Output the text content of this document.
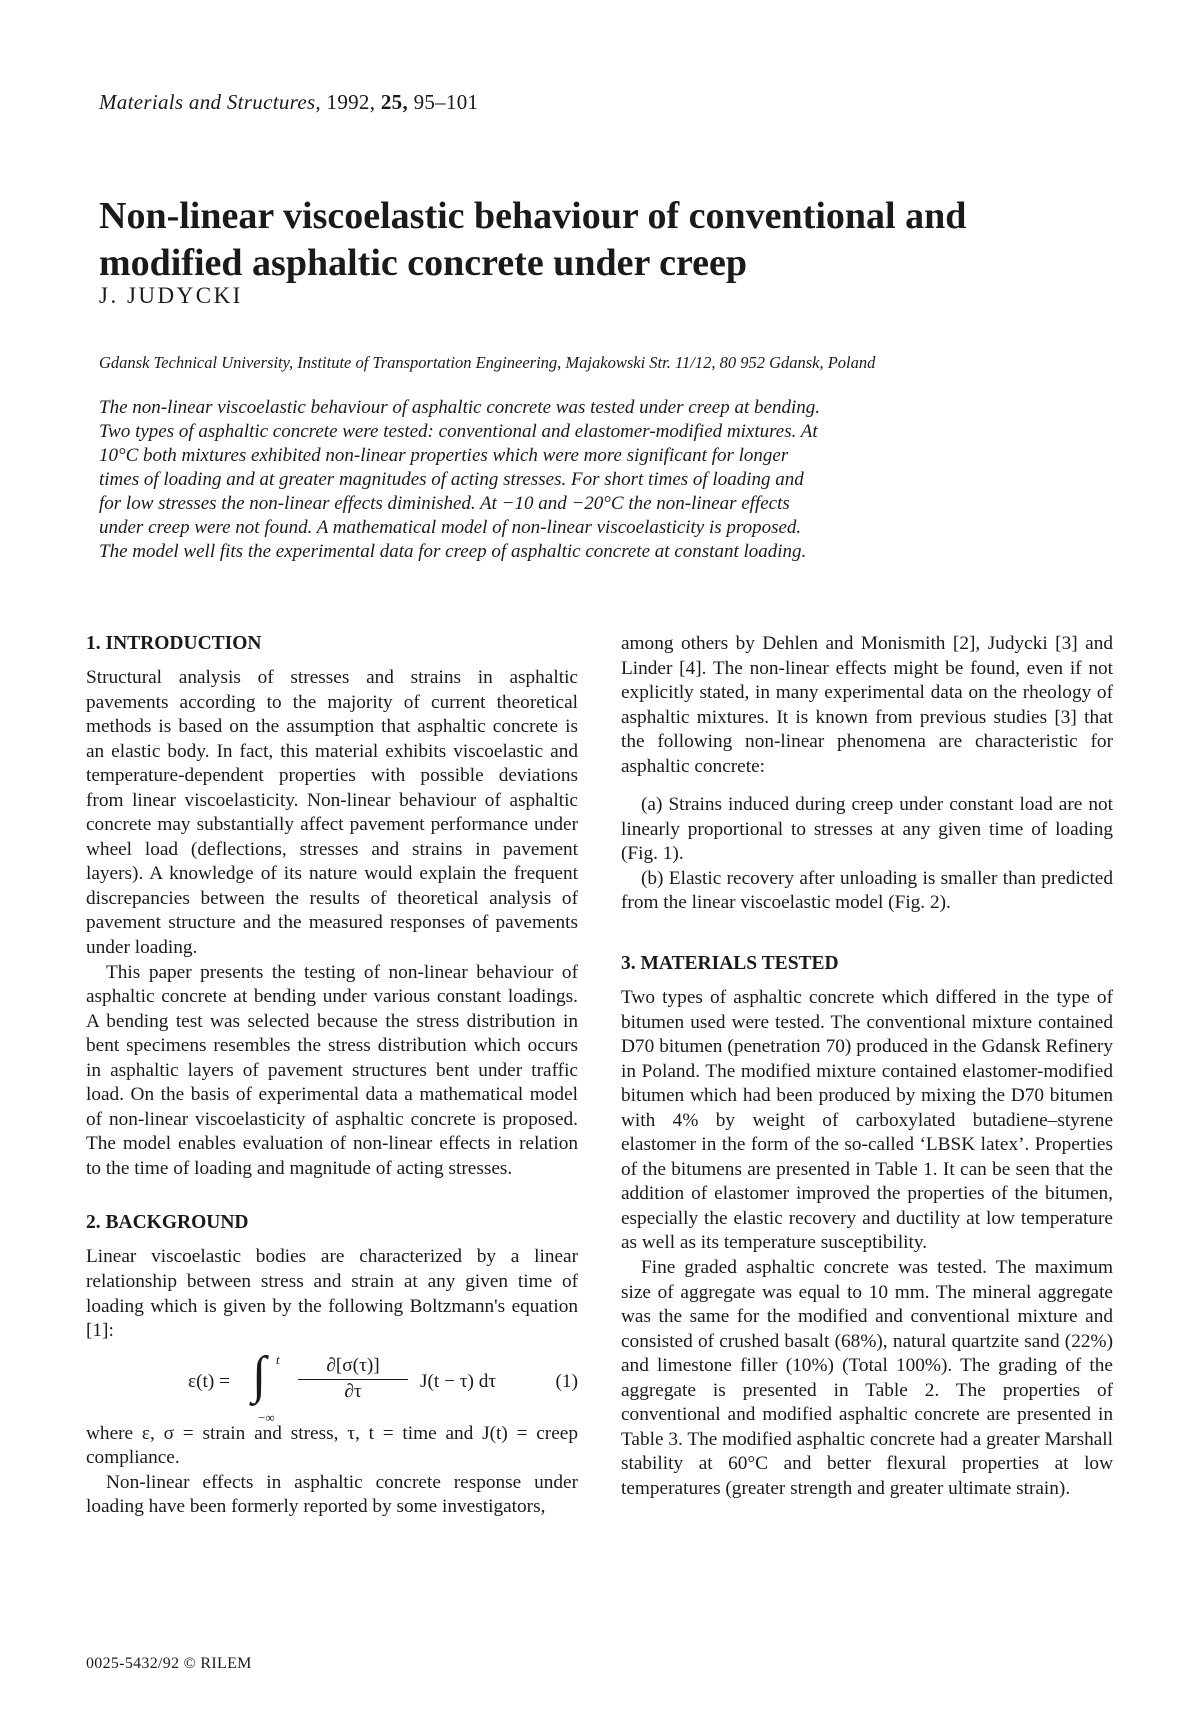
Materials and Structures, 1992, 25, 95–101
Non-linear viscoelastic behaviour of conventional and modified asphaltic concrete under creep
J. JUDYCKI
Gdansk Technical University, Institute of Transportation Engineering, Majakowski Str. 11/12, 80 952 Gdansk, Poland
The non-linear viscoelastic behaviour of asphaltic concrete was tested under creep at bending.
Two types of asphaltic concrete were tested: conventional and elastomer-modified mixtures. At
10°C both mixtures exhibited non-linear properties which were more significant for longer
times of loading and at greater magnitudes of acting stresses. For short times of loading and
for low stresses the non-linear effects diminished. At −10 and −20°C the non-linear effects
under creep were not found. A mathematical model of non-linear viscoelasticity is proposed.
The model well fits the experimental data for creep of asphaltic concrete at constant loading.
1. INTRODUCTION

Structural analysis of stresses and strains in asphaltic pavements according to the majority of current theoretical methods is based on the assumption that asphaltic concrete is an elastic body. In fact, this material exhibits viscoelastic and temperature-dependent properties with possible deviations from linear viscoelasticity. Non-linear behaviour of asphaltic concrete may substantially affect pavement performance under wheel load (deflections, stresses and strains in pavement layers). A knowledge of its nature would explain the frequent discrepancies between the results of theoretical analysis of pavement structure and the measured responses of pavements under loading.

This paper presents the testing of non-linear behaviour of asphaltic concrete at bending under various constant loadings. A bending test was selected because the stress distribution in bent specimens resembles the stress distribution which occurs in asphaltic layers of pavement structures bent under traffic load. On the basis of experimental data a mathematical model of non-linear viscoelasticity of asphaltic concrete is proposed. The model enables evaluation of non-linear effects in relation to the time of loading and magnitude of acting stresses.

2. BACKGROUND

Linear viscoelastic bodies are characterized by a linear relationship between stress and strain at any given time of loading which is given by the following Boltzmann's equation [1]:

ε(t) = ∫ t
−∞
$\frac{\partial[\sigma(\tau)]}{\partial\tau} J(t - \tau)$ dτ	(1)

where ε, σ = strain and stress, τ, t = time and J(t) = creep compliance.

Non-linear effects in asphaltic concrete response under loading have been formerly reported by some investigators,

among others by Dehlen and Monismith [2], Judycki [3] and Linder [4]. The non-linear effects might be found, even if not explicitly stated, in many experimental data on the rheology of asphaltic mixtures. It is known from previous studies [3] that the following non-linear phenomena are characteristic for asphaltic concrete:

(a) Strains induced during creep under constant load are not linearly proportional to stresses at any given time of loading (Fig. 1).

(b) Elastic recovery after unloading is smaller than predicted from the linear viscoelastic model (Fig. 2).

3. MATERIALS TESTED

Two types of asphaltic concrete which differed in the type of bitumen used were tested. The conventional mixture contained D70 bitumen (penetration 70) produced in the Gdansk Refinery in Poland. The modified mixture contained elastomer-modified bitumen which had been produced by mixing the D70 bitumen with 4% by weight of carboxylated butadiene–styrene elastomer in the form of the so-called ‘LBSK latex’. Properties of the bitumens are presented in Table 1. It can be seen that the addition of elastomer improved the properties of the bitumen, especially the elastic recovery and ductility at low temperature as well as its temperature susceptibility.

Fine graded asphaltic concrete was tested. The maximum size of aggregate was equal to 10 mm. The mineral aggregate was the same for the modified and conventional mixture and consisted of crushed basalt (68%), natural quartzite sand (22%) and limestone filler (10%) (Total 100%). The grading of the aggregate is presented in Table 2. The properties of conventional and modified asphaltic concrete are presented in Table 3. The modified asphaltic concrete had a greater Marshall stability at 60°C and better flexural properties at low temperatures (greater strength and greater ultimate strain).

0025-5432/92 © RILEM
